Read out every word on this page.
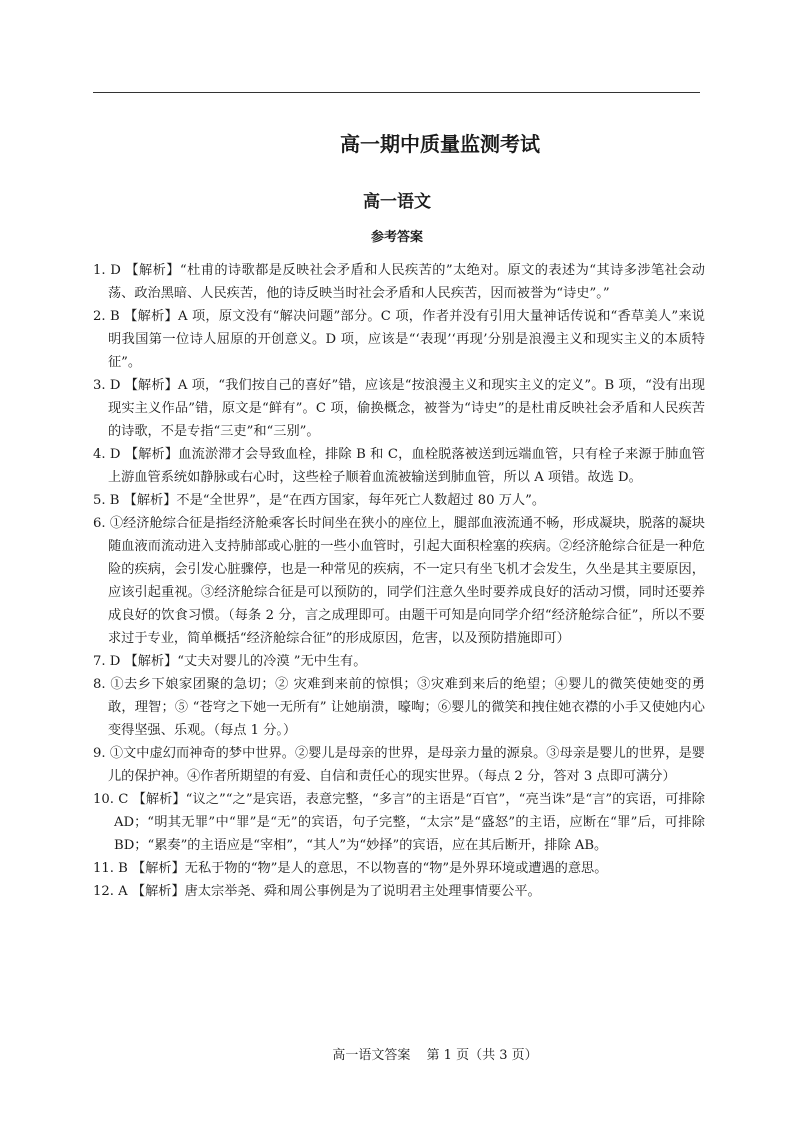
高一期中质量监测考试
高一语文
参考答案
1. D 【解析】“杜甫的诗歌都是反映社会矛盾和人民疾苦的”太绝对。原文的表述为“其诗多涉笔社会动荡、政治黑暗、人民疾苦，他的诗反映当时社会矛盾和人民疾苦，因而被誉为“诗史”。”
2. B 【解析】A 项，原文没有“解决问题”部分。C 项，作者并没有引用大量神话传说和“香草美人”来说明我国第一位诗人屈原的开创意义。D 项，应该是“‘表现’‘再现’分别是浪漫主义和现实主义的本质特征”。
3. D 【解析】A 项，“我们按自己的喜好”错，应该是“按浪漫主义和现实主义的定义”。B 项，“没有出现现实主义作品”错，原文是“鲜有”。C 项，偷换概念，被誉为“诗史”的是杜甫反映社会矛盾和人民疾苦的诗歌，不是专指“三吏”和“三别”。
4. D 【解析】血流淤滞才会导致血栓，排除 B 和 C，血栓脱落被送到远端血管，只有栓子来源于肺血管上游血管系统如静脉或右心时，这些栓子顺着血流被输送到肺血管，所以 A 项错。故选 D。
5. B 【解析】不是“全世界”，是“在西方国家，每年死亡人数超过 80 万人”。
6. ①经济舱综合征是指经济舱乘客长时间坐在狭小的座位上，腿部血液流通不畅，形成凝块，脱落的凝块随血液而流动进入支持肺部或心脏的一些小血管时，引起大面积栓塞的疾病。②经济舱综合征是一种危险的疾病，会引发心脏骤停，也是一种常见的疾病，不一定只有坐飞机才会发生，久坐是其主要原因，应该引起重视。③经济舱综合征是可以预防的，同学们注意久坐时要养成良好的活动习惯，同时还要养成良好的饮食习惯。（每条 2 分，言之成理即可。由题干可知是向同学介绍“经济舱综合征”，所以不要求过于专业，简单概括“经济舱综合征”的形成原因，危害，以及预防措施即可）
7. D 【解析】“丈夫对婴儿的冷漠 ”无中生有。
8. ①去乡下娘家团聚的急切；② 灾难到来前的惊惧；③灾难到来后的绝望；④婴儿的微笑使她变的勇敢，理智；⑤ “苍穹之下她一无所有” 让她崩溃，嚎啕；⑥婴儿的微笑和拽住她衣襟的小手又使她内心变得坚强、乐观。（每点 1 分。）
9. ①文中虚幻而神奇的梦中世界。②婴儿是母亲的世界，是母亲力量的源泉。③母亲是婴儿的世界，是婴儿的保护神。④作者所期望的有爱、自信和责任心的现实世界。（每点 2 分，答对 3 点即可满分）
10. C 【解析】“议之”“之”是宾语，表意完整，“多言”的主语是“百官”，“亮当诛”是“言”的宾语，可排除 AD；“明其无罪”中“罪”是“无”的宾语，句子完整，“太宗”是“盛怒”的主语，应断在“罪”后，可排除 BD；“累奏”的主语应是“宰相”，“其人”为“妙择”的宾语，应在其后断开，排除 AB。
11. B 【解析】无私于物的“物”是人的意思，不以物喜的“物”是外界环境或遭遇的意思。
12. A 【解析】唐太宗举尧、舜和周公事例是为了说明君主处理事情要公平。
高一语文答案 第 1 页（共 3 页）
